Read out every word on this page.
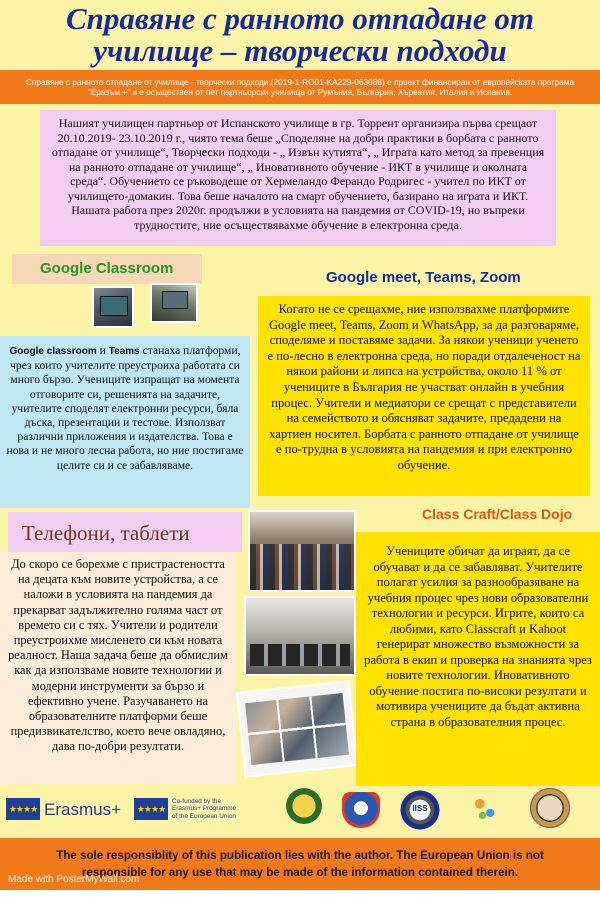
Справяне с ранното отпадане от
училище – творчески подходи
Справяне с ранното отпадане от училище - творчески подходи (2019-1-RO01-KA229-063088) е проект финансиран от европейската програма "Еразъм +" и е осъществен от пет партньорски училища от Румъния, България, Хърватия, Италия и Испания.
Нашият училищен партньор от Испанското училище в гр. Торрент организира първа срещаот 20.10.2019- 23.10.2019 г., чиято тема беше „Споделяне на добри практики в борбата с ранното отпадане от училище“, Творчески подходи - „ Извън кутията“, „ Играта като метод за превенция на ранното отпадане от училище“, „ Иновативното обучение - ИКТ в училище и околната среда“. Обучението се ръководеше от Хермеландо Ферандо Родригес - учител по ИКТ от училището-домакин. Това беше началото на смарт обучението, базирано на играта и ИКТ. Нашата работа през 2020г. продължи в условията на пандемия от COVID-19, но въпреки трудностите, ние осъществявахме обучение в електронна среда.
Google Classroom
Google meet, Teams, Zoom
Когато не се срещахме, ние използвахме платформите Google meet, Teams, Zoom и WhatsApp, за да разговаряме, споделяме и поставяме задачи. За някои ученици ученето е по-лесно в електронна среда, но поради отдалеченост на някои райони и липса на устройства, около 11 % от учениците в България не участват онлайн в учебния процес. Учители и медиатори се срещат с представители на семейството и обясняват задачите, предадени на хартиен носител. Борбата с ранното отпадане от училище е по-трудна в условията на пандемия и при електронно обучение.
Google classroom и Teams станаха платформи, чрез които учителите преустроиха работата си много бързо. Учениците изпращат на момента отговорите си, решенията на задачите, учителите споделят електронни ресурси, бяла дъска, презентации и тестове. Използват различни приложения и издателства. Това е нова и не много лесна работа, но ние постигаме целите си и се забавляваме.
Телефони, таблети
Class Craft/Class Dojo
До скоро се борехме с пристрастеността на децата към новите устройства, а се наложи в условията на пандемия да прекарват задължително голяма част от времето си с тях. Учители и родители преустроихме мисленето си към новата реалност. Наша задача беше да обмислим как да използваме новите технологии и модерни инструменти за бързо и ефективно учене. Разучаването на образователните платформи беше предизвикателство, което вече овладяно, дава по-добри резултати.
Учениците обичат да играят, да се обучават и да се забавляват. Учителите полагат усилия за разнообразяване на учебния процес чрез нови образователни технологии и ресурси. Игрите, които са любими, като Classcraft и Kahoot генерират множество възможности за работа в екип и проверка на знанията чрез новите технологии. Иновативното обучение постига по-високи резултати и мотивира учениците да бъдат активна страна в образователния процес.
★★★★ Erasmus+	★★★★
Co-funded by the
Erasmus+ Programme
of the European Union
IISS
The sole responsiblity of this publication lies with the author. The European Union is not responsible for any use that may be made of the information contained therein.
Made with PosterMyWall.com
